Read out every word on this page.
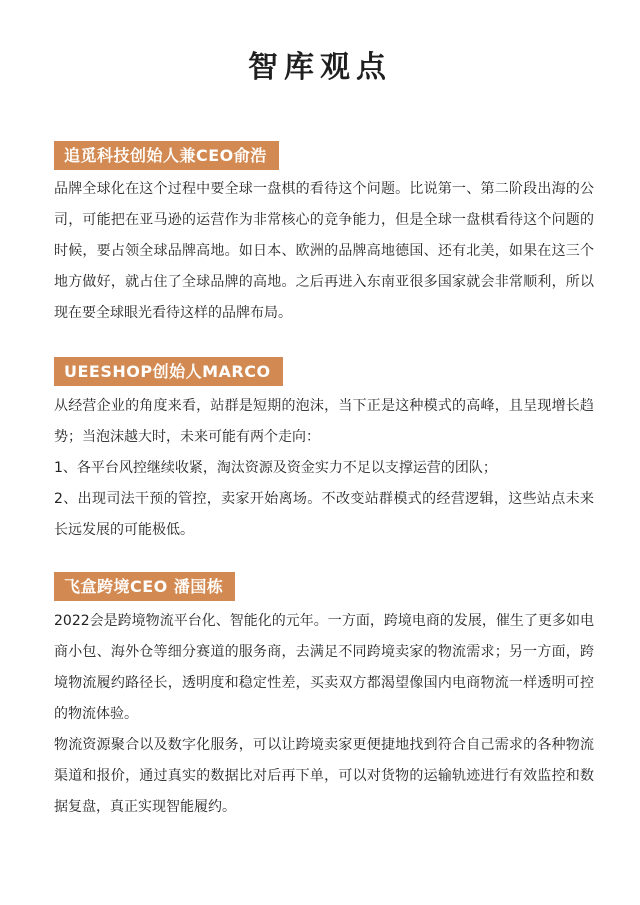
智库观点
追觅科技创始人兼CEO俞浩

品牌全球化在这个过程中要全球一盘棋的看待这个问题。比说第一、第二阶段出海的公司，可能把在亚马逊的运营作为非常核心的竞争能力，但是全球一盘棋看待这个问题的时候，要占领全球品牌高地。如日本、欧洲的品牌高地德国、还有北美，如果在这三个地方做好，就占住了全球品牌的高地。之后再进入东南亚很多国家就会非常顺利，所以现在要全球眼光看待这样的品牌布局。

UEESHOP创始人MARCO

从经营企业的角度来看，站群是短期的泡沫，当下正是这种模式的高峰，且呈现增长趋势；当泡沫越大时，未来可能有两个走向：

1、各平台风控继续收紧，淘汰资源及资金实力不足以支撑运营的团队；

2、出现司法干预的管控，卖家开始离场。不改变站群模式的经营逻辑，这些站点未来长远发展的可能极低。

飞盒跨境CEO 潘国栋

2022会是跨境物流平台化、智能化的元年。一方面，跨境电商的发展，催生了更多如电商小包、海外仓等细分赛道的服务商，去满足不同跨境卖家的物流需求；另一方面，跨境物流履约路径长，透明度和稳定性差，买卖双方都渴望像国内电商物流一样透明可控的物流体验。

物流资源聚合以及数字化服务，可以让跨境卖家更便捷地找到符合自己需求的各种物流渠道和报价，通过真实的数据比对后再下单，可以对货物的运输轨迹进行有效监控和数据复盘，真正实现智能履约。
